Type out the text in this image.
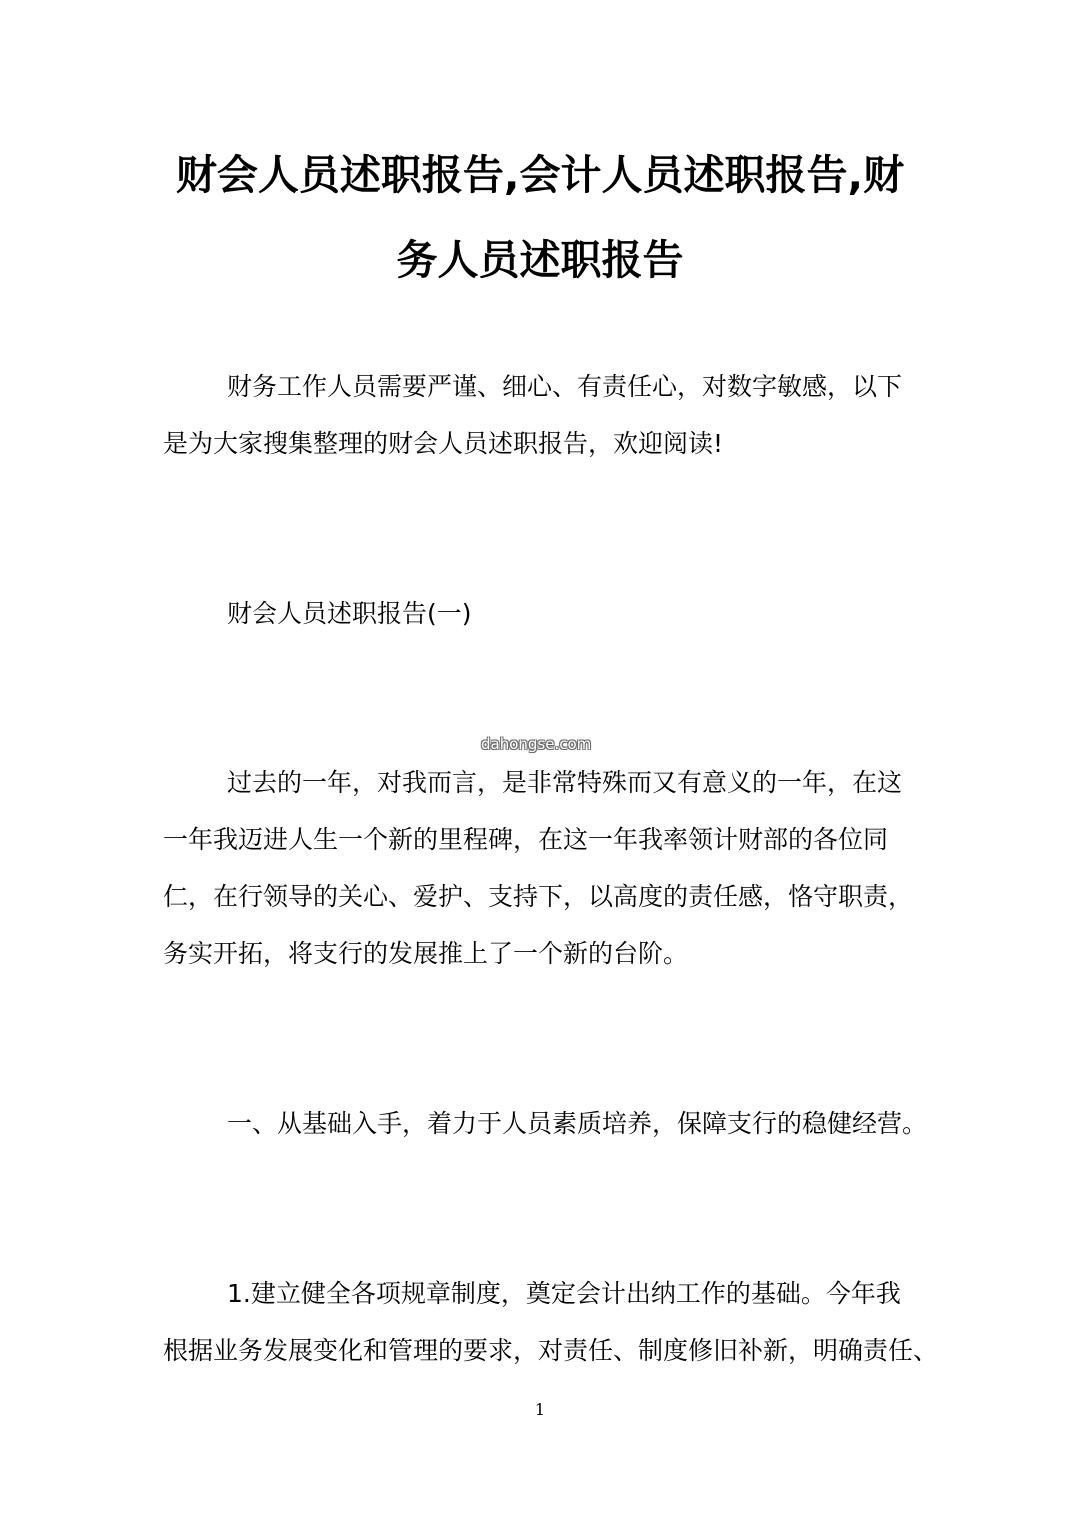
财会人员述职报告,会计人员述职报告,财
务人员述职报告
财务工作人员需要严谨、细心、有责任心，对数字敏感，以下
是为大家搜集整理的财会人员述职报告，欢迎阅读!
财会人员述职报告(一)
过去的一年，对我而言，是非常特殊而又有意义的一年，在这
一年我迈进人生一个新的里程碑，在这一年我率领计财部的各位同
仁，在行领导的关心、爱护、支持下，以高度的责任感，恪守职责，
务实开拓，将支行的发展推上了一个新的台阶。
一、从基础入手，着力于人员素质培养，保障支行的稳健经营。
1.建立健全各项规章制度，奠定会计出纳工作的基础。今年我
根据业务发展变化和管理的要求，对责任、制度修旧补新，明确责任、
dahongse.com
1
